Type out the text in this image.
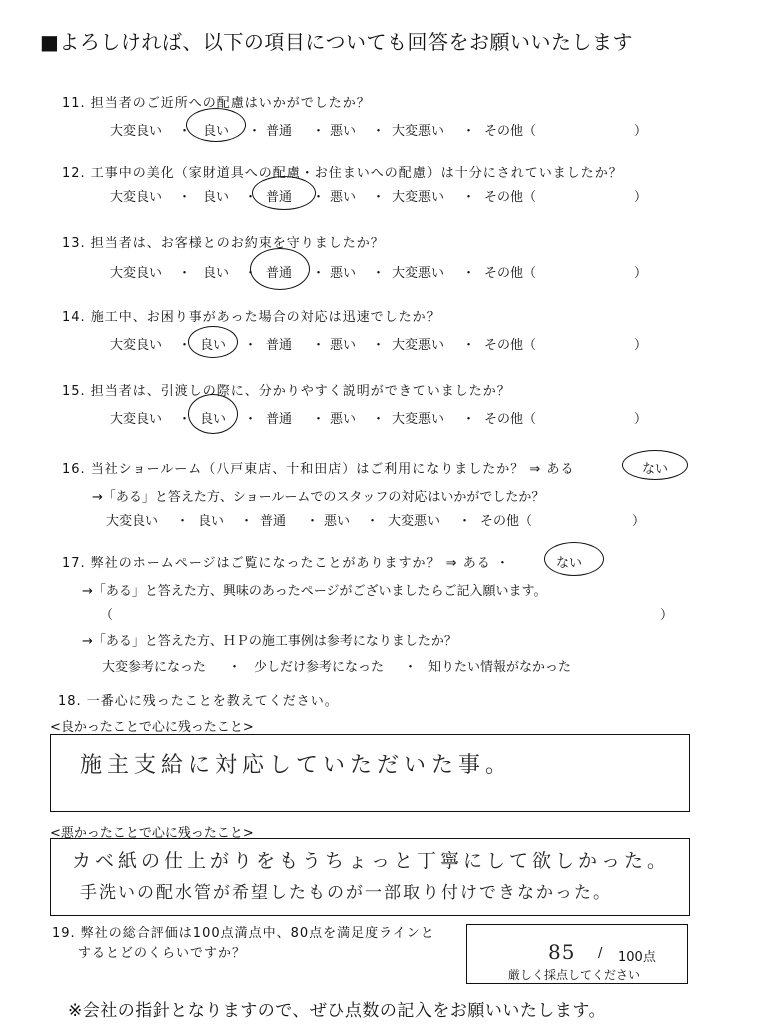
■よろしければ、以下の項目についても回答をお願いいたします
11. 担当者のご近所への配慮はいかがでしたか？
大変良い ・ 良い ・ 普通 ・ 悪い ・ 大変悪い ・ その他（	）
12. 工事中の美化（家財道具への配慮・お住まいへの配慮）は十分にされていましたか？
大変良い ・ 良い ・ 普通 ・ 悪い ・ 大変悪い ・ その他（	）
13. 担当者は、お客様とのお約束を守りましたか？
大変良い ・ 良い ・ 普通 ・ 悪い ・ 大変悪い ・ その他（	）
14. 施工中、お困り事があった場合の対応は迅速でしたか？
大変良い ・ 良い ・ 普通 ・ 悪い ・ 大変悪い ・ その他（	）
15. 担当者は、引渡しの際に、分かりやすく説明ができていましたか？
大変良い ・ 良い ・ 普通 ・ 悪い ・ 大変悪い ・ その他（	）
16. 当社ショールーム（八戸東店、十和田店）はご利用になりましたか？ ⇒ ある	ない
→「ある」と答えた方、ショールームでのスタッフの対応はいかがでしたか？
大変良い ・ 良い ・ 普通 ・ 悪い ・ 大変悪い ・ その他（	）
17. 弊社のホームページはご覧になったことがありますか？ ⇒ ある ・	ない
→「ある」と答えた方、興味のあったページがございましたらご記入願います。
（	）
→「ある」と答えた方、ＨＰの施工事例は参考になりましたか？
大変参考になった ・ 少しだけ参考になった ・ 知りたい情報がなかった
18. 一番心に残ったことを教えてください。
<良かったことで心に残ったこと>
施主支給に対応していただいた事。
<悪かったことで心に残ったこと>
カベ紙の仕上がりをもうちょっと丁寧にして欲しかった。
手洗いの配水管が希望したものが一部取り付けできなかった。
19. 弊社の総合評価は100点満点中、80点を満足度ラインと
するとどのくらいですか？	85 / 100点
厳しく採点してください
※会社の指針となりますので、ぜひ点数の記入をお願いいたします。
